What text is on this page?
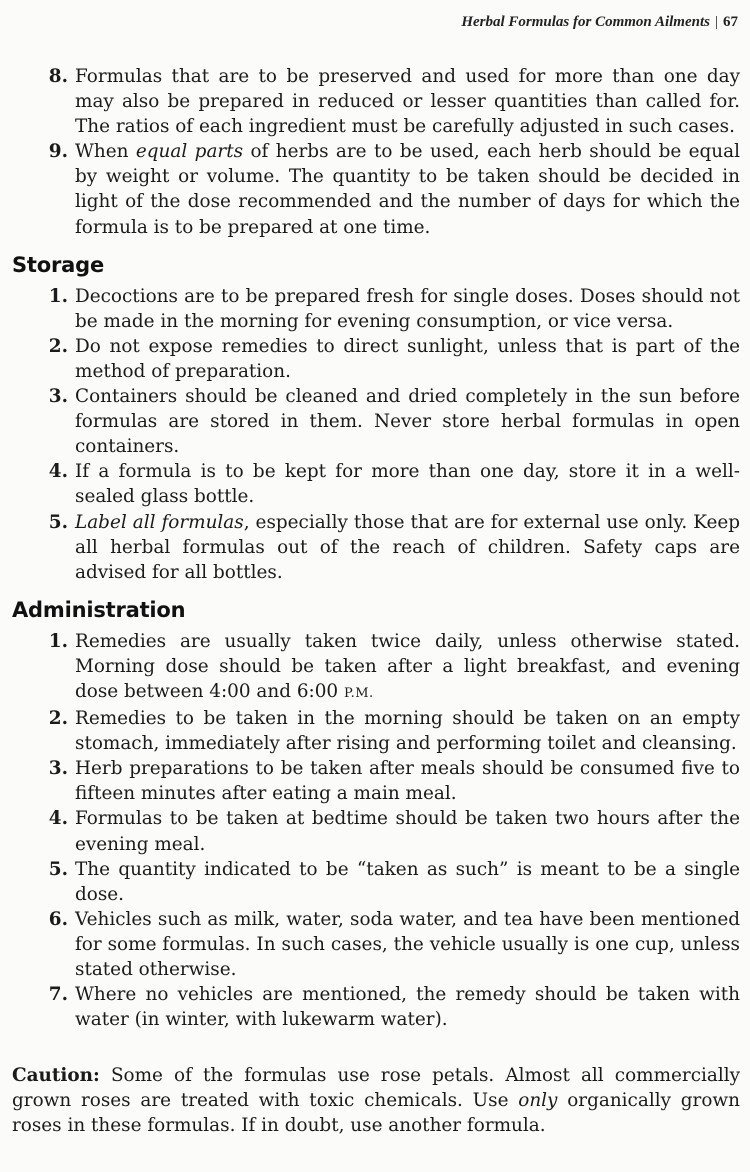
Herbal Formulas for Common Ailments | 67
8. Formulas that are to be preserved and used for more than one day may also be prepared in reduced or lesser quantities than called for. The ratios of each ingredient must be carefully adjusted in such cases.
9. When equal parts of herbs are to be used, each herb should be equal by weight or volume. The quantity to be taken should be decided in light of the dose recommended and the number of days for which the formula is to be prepared at one time.
Storage
1. Decoctions are to be prepared fresh for single doses. Doses should not be made in the morning for evening consumption, or vice versa.
2. Do not expose remedies to direct sunlight, unless that is part of the method of preparation.
3. Containers should be cleaned and dried completely in the sun before formulas are stored in them. Never store herbal formulas in open containers.
4. If a formula is to be kept for more than one day, store it in a well-sealed glass bottle.
5. Label all formulas, especially those that are for external use only. Keep all herbal formulas out of the reach of children. Safety caps are advised for all bottles.
Administration
1. Remedies are usually taken twice daily, unless otherwise stated. Morning dose should be taken after a light breakfast, and evening dose between 4:00 and 6:00 P.M.
2. Remedies to be taken in the morning should be taken on an empty stomach, immediately after rising and performing toilet and cleansing.
3. Herb preparations to be taken after meals should be consumed five to fifteen minutes after eating a main meal.
4. Formulas to be taken at bedtime should be taken two hours after the evening meal.
5. The quantity indicated to be “taken as such” is meant to be a single dose.
6. Vehicles such as milk, water, soda water, and tea have been mentioned for some formulas. In such cases, the vehicle usually is one cup, unless stated otherwise.
7. Where no vehicles are mentioned, the remedy should be taken with water (in winter, with lukewarm water).

Caution: Some of the formulas use rose petals. Almost all commercially grown roses are treated with toxic chemicals. Use only organically grown roses in these formulas. If in doubt, use another formula.
